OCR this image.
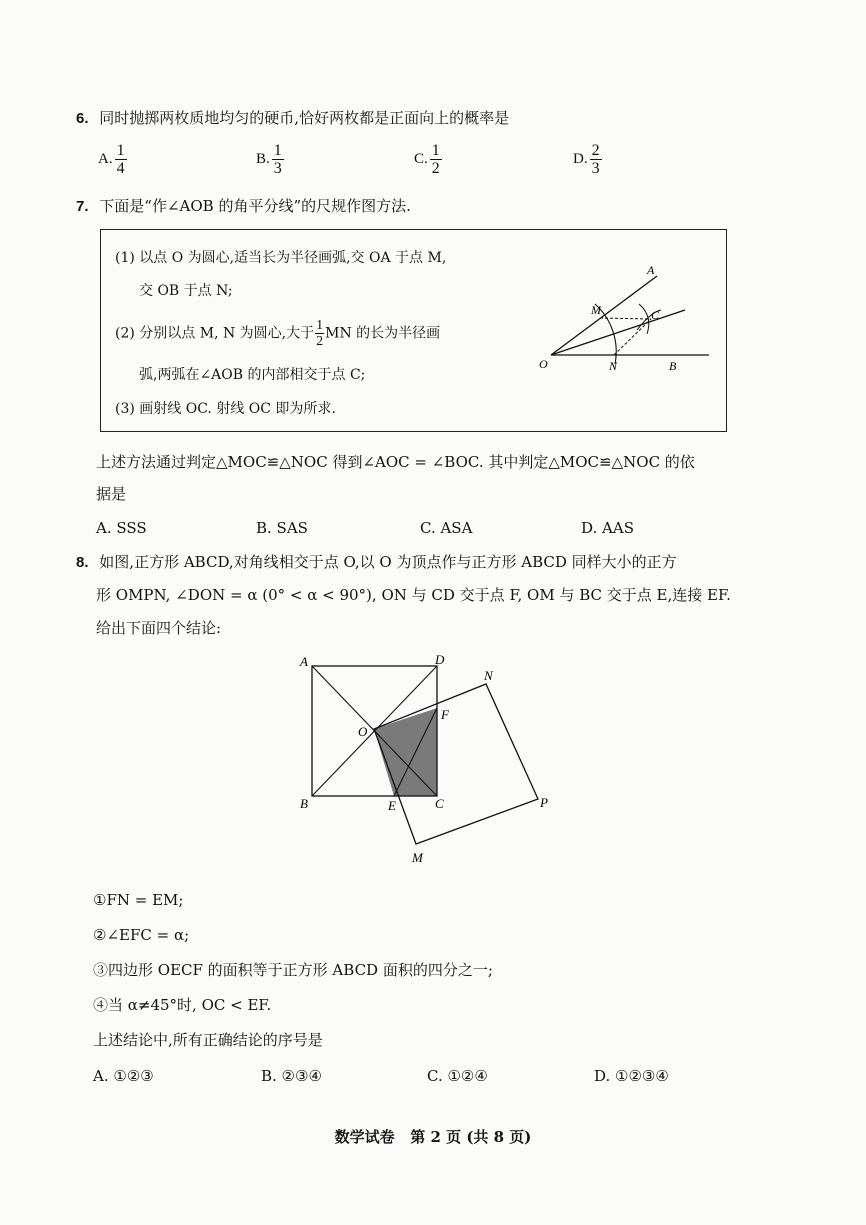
6. 同时抛掷两枚质地均匀的硬币,恰好两枚都是正面向上的概率是
A. $\frac{1}{4}$	B. $\frac{1}{3}$	C. $\frac{1}{2}$	D. $\frac{2}{3}$
7. 下面是“作∠AOB 的角平分线”的尺规作图方法.
(1) 以点 O 为圆心,适当长为半径画弧,交 OA 于点 M,
交 OB 于点 N;
(2) 分别以点 M, N 为圆心,大于 $\frac{1}{2}$ MN 的长为半径画
弧,两弧在∠AOB 的内部相交于点 C;
(3) 画射线 OC. 射线 OC 即为所求.
A
M	C
O	N	B
上述方法通过判定△MOC≌△NOC 得到∠AOC = ∠BOC. 其中判定△MOC≌△NOC 的依
据是
A. SSS	B. SAS	C. ASA	D. AAS
8. 如图,正方形 ABCD,对角线相交于点 O,以 O 为顶点作与正方形 ABCD 同样大小的正方
形 OMPN, ∠DON = α (0° < α < 90°), ON 与 CD 交于点 F, OM 与 BC 交于点 E,连接 EF.
给出下面四个结论:
A	D
N
O
F
B	E	C	P
M
①FN = EM;
②∠EFC = α;
③四边形 OECF 的面积等于正方形 ABCD 面积的四分之一;
④当 α≠45°时, OC < EF.
上述结论中,所有正确结论的序号是
A. ①②③	B. ②③④	C. ①②④	D. ①②③④
数学试卷   第 2 页 (共 8 页)
